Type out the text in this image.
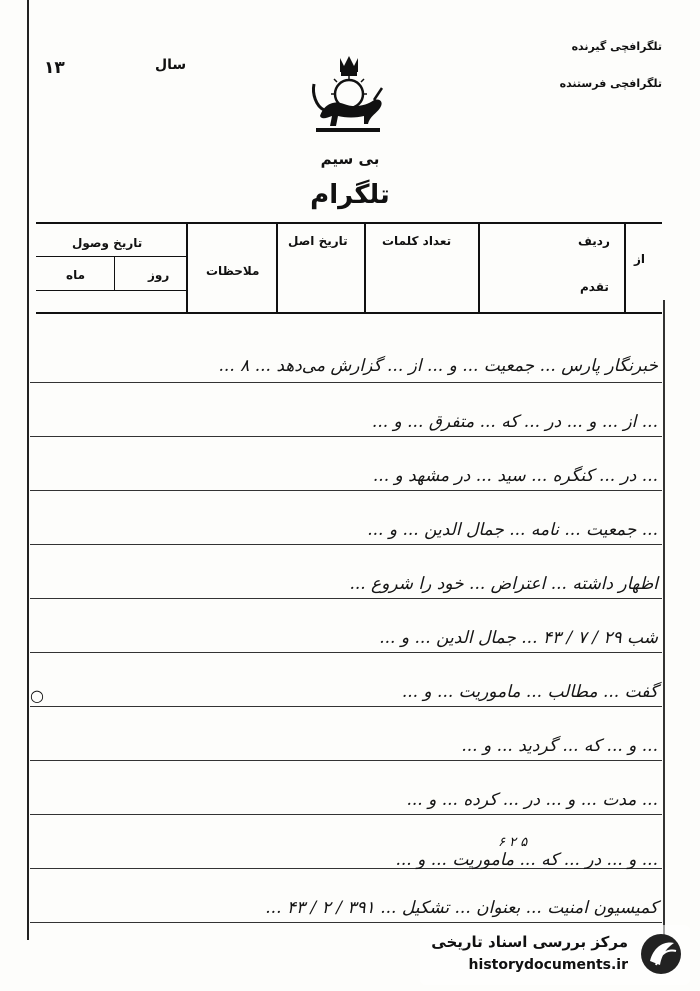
۱۳	سال
تلگرافچی گیرنده
تلگرافچی فرستنده
بی سیم
تلگرام
از
ردیف
تقدم
تعداد کلمات
تاریخ اصل
ملاحظات
تاریخ وصول
روز
ماه
خبرنگار پارس ... جمعیت ... و ... از ... گزارش می‌دهد ... ۸ ...
... از ... و ... در ... که ... متفرق ... و ...
... در ... کنگره ... سید ... در مشهد و ...
... جمعیت ... نامه ... جمال الدین ... و ...
اظهار داشته ... اعتراض ... خود را شروع ...
شب ۲۹ / ۷ / ۴۳ ... جمال الدین ... و ...
گفت ... مطالب ... ماموریت ... و ...
... و ... که ... گردید ... و ...
... مدت ... و ... در ... کرده ... و ...
... و ... در ... که ... ماموریت ... و ...
کمیسیون امنیت ... بعنوان ... تشکیل ... ۳۹۱ / ۲ / ۴۳ ...
۶ ۲ ۵
○
مرکز بررسی اسناد تاریخی
historydocuments.ir
